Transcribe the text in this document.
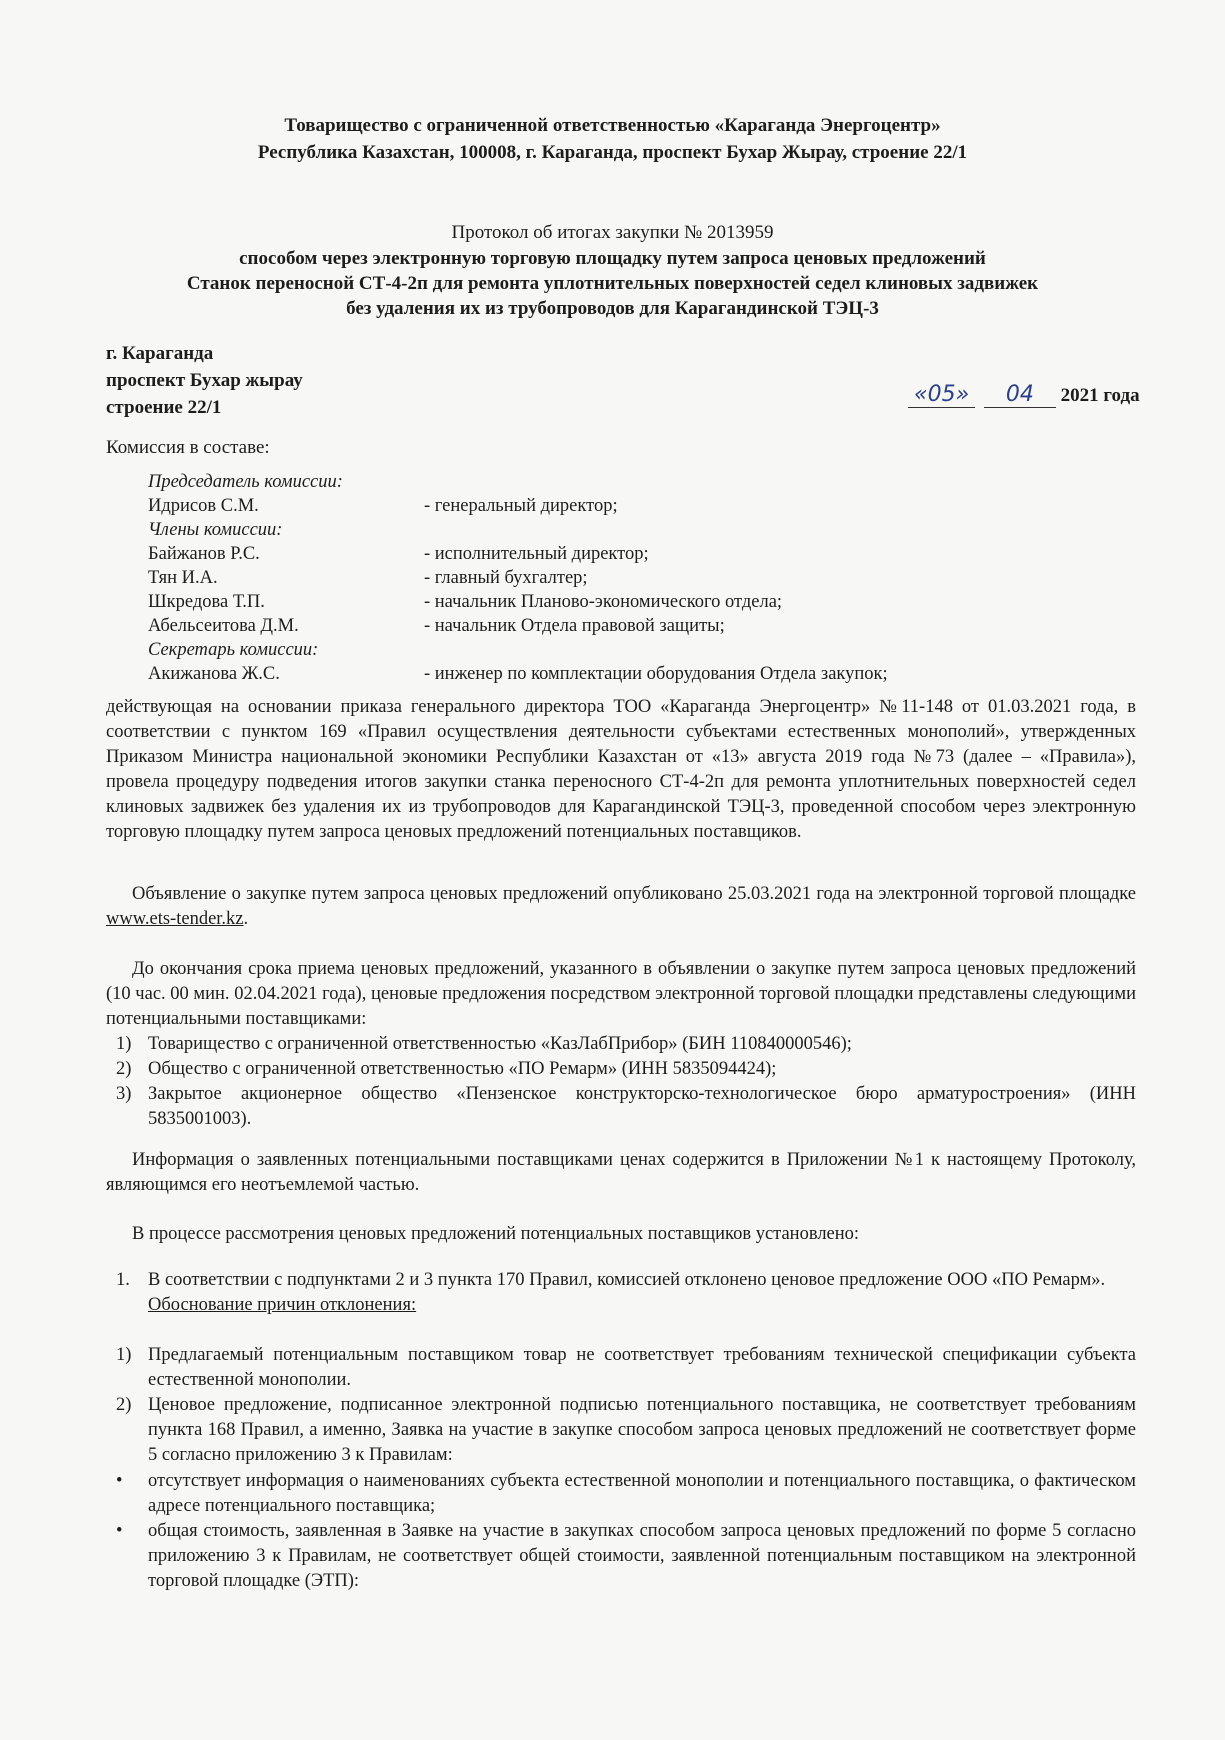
Товарищество с ограниченной ответственностью «Караганда Энергоцентр»
Республика Казахстан, 100008, г. Караганда, проспект Бухар Жырау, строение 22/1
Протокол об итогах закупки № 2013959
способом через электронную торговую площадку путем запроса ценовых предложений
Станок переносной СТ-4-2п для ремонта уплотнительных поверхностей седел клиновых задвижек
без удаления их из трубопроводов для Карагандинской ТЭЦ-3
г. Караганда
проспект Бухар жырау
строение 22/1
«05» 04 2021 года
Комиссия в составе:
Председатель комиссии:
Идрисов С.М.	- генеральный директор;
Члены комиссии:
Байжанов Р.С.	- исполнительный директор;
Тян И.А.	- главный бухгалтер;
Шкредова Т.П.	- начальник Планово-экономического отдела;
Абельсеитова Д.М.	- начальник Отдела правовой защиты;
Секретарь комиссии:
Акижанова Ж.С.	- инженер по комплектации оборудования Отдела закупок;
действующая на основании приказа генерального директора ТОО «Караганда Энергоцентр» №11-148 от 01.03.2021 года, в соответствии с пунктом 169 «Правил осуществления деятельности субъектами естественных монополий», утвержденных Приказом Министра национальной экономики Республики Казахстан от «13» августа 2019 года №73 (далее – «Правила»), провела процедуру подведения итогов закупки станка переносного СТ-4-2п для ремонта уплотнительных поверхностей седел клиновых задвижек без удаления их из трубопроводов для Карагандинской ТЭЦ-3, проведенной способом через электронную торговую площадку путем запроса ценовых предложений потенциальных поставщиков.
Объявление о закупке путем запроса ценовых предложений опубликовано 25.03.2021 года на электронной торговой площадке www.ets-tender.kz.
До окончания срока приема ценовых предложений, указанного в объявлении о закупке путем запроса ценовых предложений (10 час. 00 мин. 02.04.2021 года), ценовые предложения посредством электронной торговой площадки представлены следующими потенциальными поставщиками:
1) Товарищество с ограниченной ответственностью «КазЛабПрибор» (БИН 110840000546);
2) Общество с ограниченной ответственностью «ПО Ремарм» (ИНН 5835094424);
3) Закрытое акционерное общество «Пензенское конструкторско-технологическое бюро арматуростроения» (ИНН 5835001003).
Информация о заявленных потенциальными поставщиками ценах содержится в Приложении №1 к настоящему Протоколу, являющимся его неотъемлемой частью.
В процессе рассмотрения ценовых предложений потенциальных поставщиков установлено:
1. В соответствии с подпунктами 2 и 3 пункта 170 Правил, комиссией отклонено ценовое предложение ООО «ПО Ремарм».
Обоснование причин отклонения:
1) Предлагаемый потенциальным поставщиком товар не соответствует требованиям технической спецификации субъекта естественной монополии.
2) Ценовое предложение, подписанное электронной подписью потенциального поставщика, не соответствует требованиям пункта 168 Правил, а именно, Заявка на участие в закупке способом запроса ценовых предложений не соответствует форме 5 согласно приложению 3 к Правилам:
•	отсутствует информация о наименованиях субъекта естественной монополии и потенциального поставщика, о фактическом адресе потенциального поставщика;
•	общая стоимость, заявленная в Заявке на участие в закупках способом запроса ценовых предложений по форме 5 согласно приложению 3 к Правилам, не соответствует общей стоимости, заявленной потенциальным поставщиком на электронной торговой площадке (ЭТП):
